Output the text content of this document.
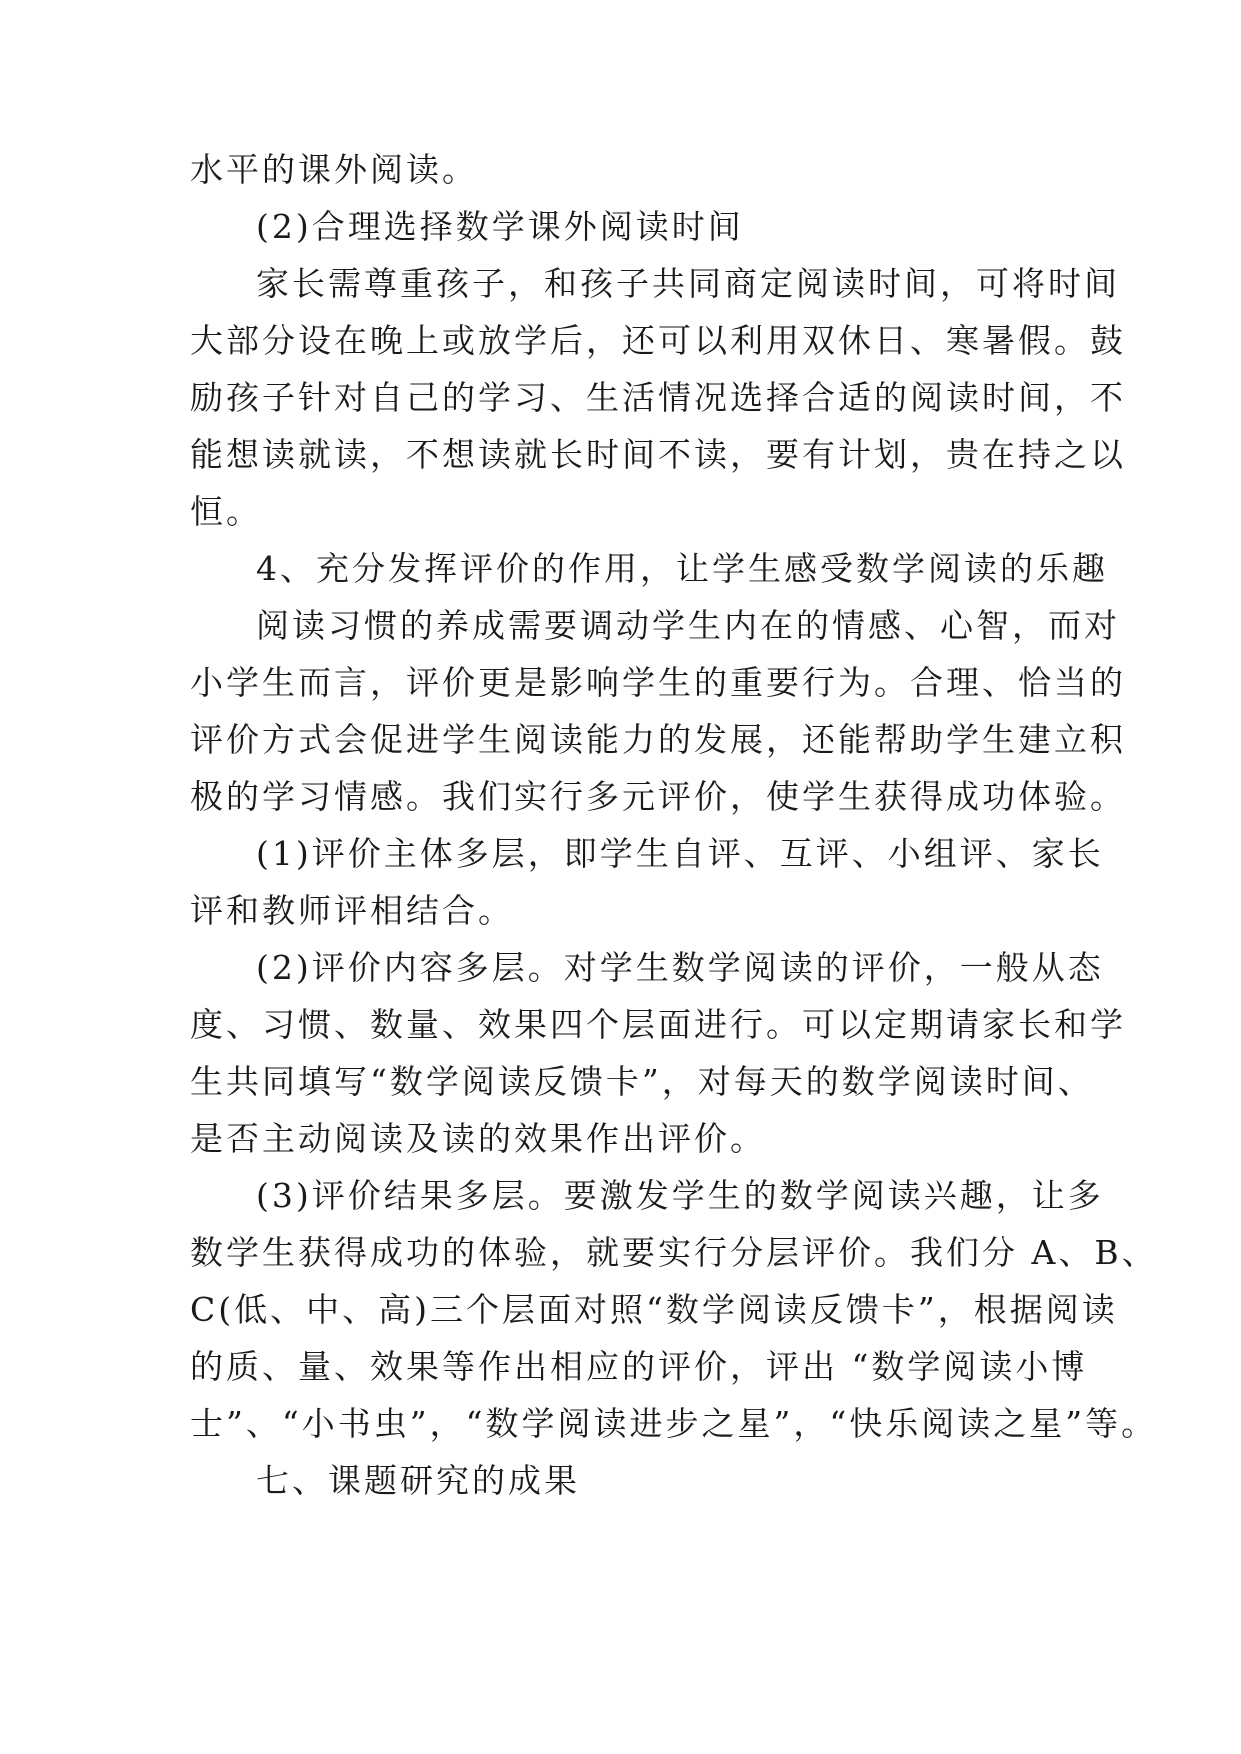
水平的课外阅读。
(2)合理选择数学课外阅读时间
家长需尊重孩子，和孩子共同商定阅读时间，可将时间
大部分设在晚上或放学后，还可以利用双休日、寒暑假。鼓
励孩子针对自己的学习、生活情况选择合适的阅读时间，不
能想读就读，不想读就长时间不读，要有计划，贵在持之以
恒。
4、充分发挥评价的作用，让学生感受数学阅读的乐趣
阅读习惯的养成需要调动学生内在的情感、心智，而对
小学生而言，评价更是影响学生的重要行为。合理、恰当的
评价方式会促进学生阅读能力的发展，还能帮助学生建立积
极的学习情感。我们实行多元评价，使学生获得成功体验。
(1)评价主体多层，即学生自评、互评、小组评、家长
评和教师评相结合。
(2)评价内容多层。对学生数学阅读的评价，一般从态
度、习惯、数量、效果四个层面进行。可以定期请家长和学
生共同填写“数学阅读反馈卡”，对每天的数学阅读时间、
是否主动阅读及读的效果作出评价。
(3)评价结果多层。要激发学生的数学阅读兴趣，让多
数学生获得成功的体验，就要实行分层评价。我们分 A、B、
C(低、中、高)三个层面对照“数学阅读反馈卡”，根据阅读
的质、量、效果等作出相应的评价，评出 “数学阅读小博
士”、“小书虫”，“数学阅读进步之星”，“快乐阅读之星”等。
七、课题研究的成果
